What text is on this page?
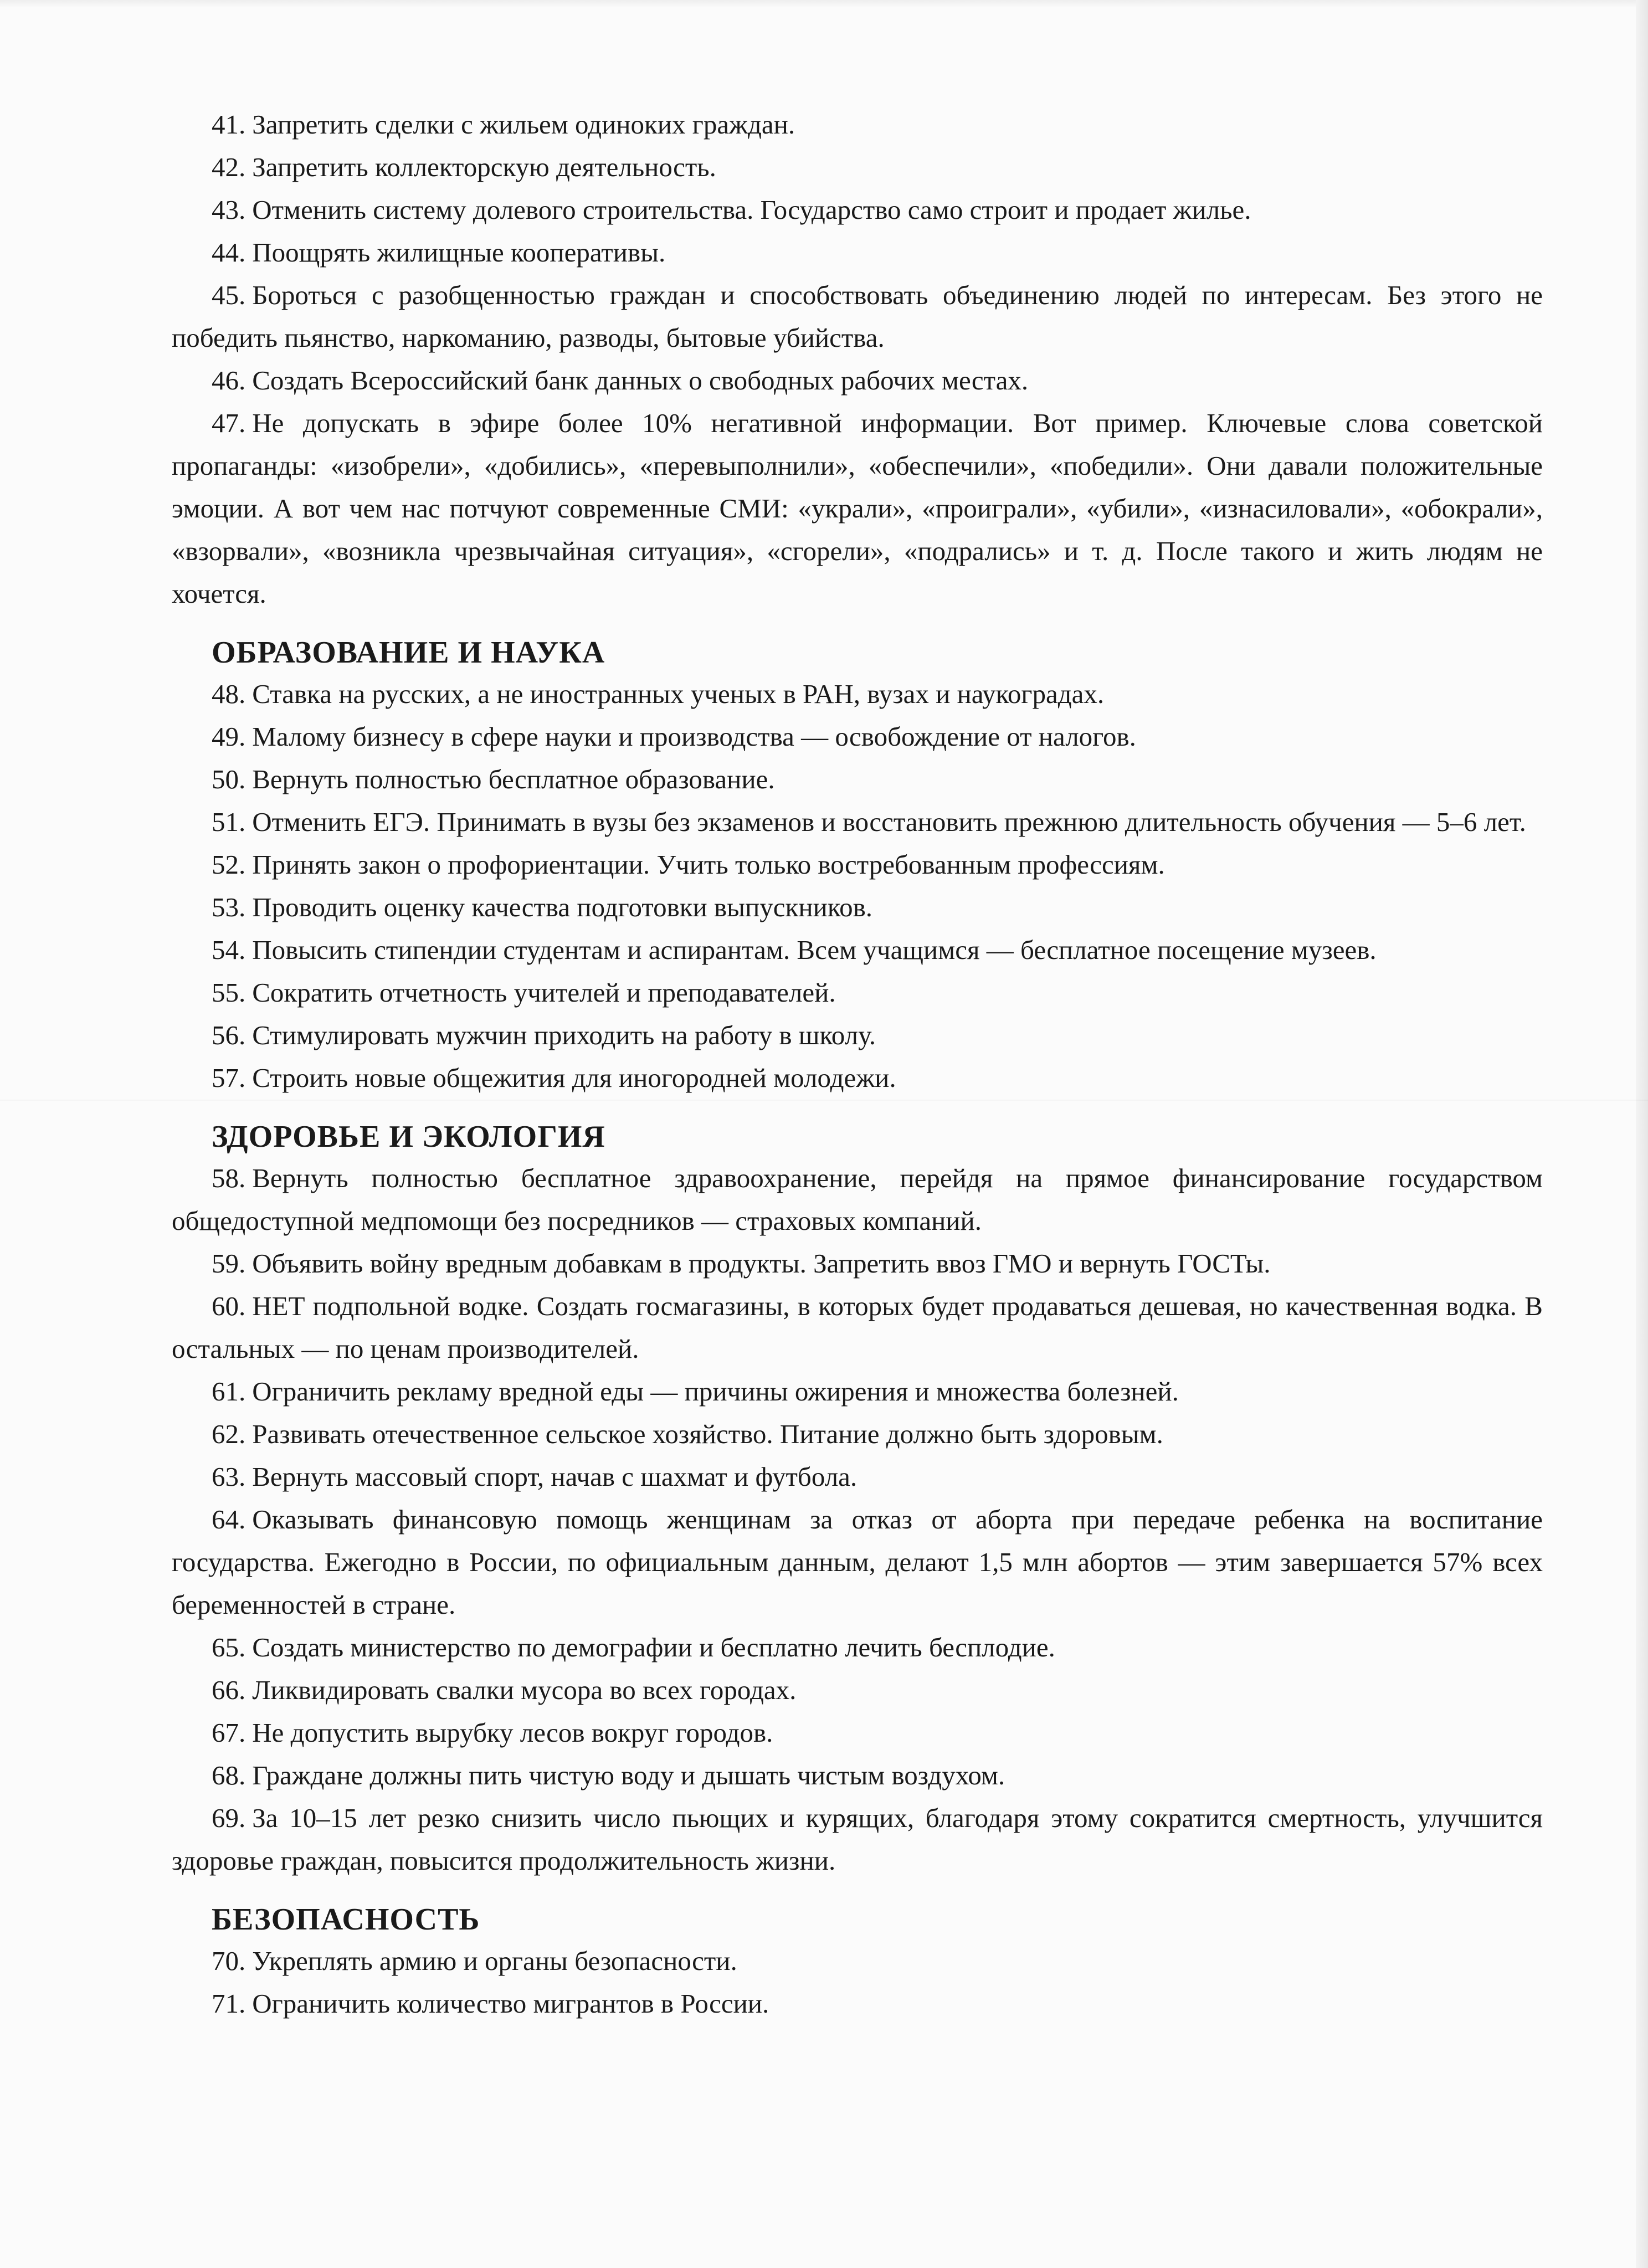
41. Запретить сделки с жильем одиноких граждан.

42. Запретить коллекторскую деятельность.

43. Отменить систему долевого строительства. Государство само строит и продает жилье.

44. Поощрять жилищные кооперативы.

45. Бороться с разобщенностью граждан и способствовать объединению людей по интересам. Без этого не победить пьянство, наркоманию, разводы, бытовые убийства.

46. Создать Всероссийский банк данных о свободных рабочих местах.

47. Не допускать в эфире более 10% негативной информации. Вот пример. Ключевые слова советской пропаганды: «изобрели», «добились», «перевыполнили», «обеспечили», «победили». Они давали положительные эмоции. А вот чем нас потчуют современные СМИ: «украли», «проиграли», «убили», «изнасиловали», «обокрали», «взорвали», «возникла чрезвычайная ситуация», «сгорели», «подрались» и т. д. После такого и жить людям не хочется.

ОБРАЗОВАНИЕ И НАУКА

48. Ставка на русских, а не иностранных ученых в РАН, вузах и наукоградах.

49. Малому бизнесу в сфере науки и производства — освобождение от налогов.

50. Вернуть полностью бесплатное образование.

51. Отменить ЕГЭ. Принимать в вузы без экзаменов и восстановить прежнюю длительность обучения — 5–6 лет.

52. Принять закон о профориентации. Учить только востребованным профессиям.

53. Проводить оценку качества подготовки выпускников.

54. Повысить стипендии студентам и аспирантам. Всем учащимся — бесплатное посещение музеев.

55. Сократить отчетность учителей и преподавателей.

56. Стимулировать мужчин приходить на работу в школу.

57. Строить новые общежития для иногородней молодежи.

ЗДОРОВЬЕ И ЭКОЛОГИЯ

58. Вернуть полностью бесплатное здравоохранение, перейдя на прямое финансирование государством общедоступной медпомощи без посредников — страховых компаний.

59. Объявить войну вредным добавкам в продукты. Запретить ввоз ГМО и вернуть ГОСТы.

60. НЕТ подпольной водке. Создать госмагазины, в которых будет продаваться дешевая, но качественная водка. В остальных — по ценам производителей.

61. Ограничить рекламу вредной еды — причины ожирения и множества болезней.

62. Развивать отечественное сельское хозяйство. Питание должно быть здоровым.

63. Вернуть массовый спорт, начав с шахмат и футбола.

64. Оказывать финансовую помощь женщинам за отказ от аборта при передаче ребенка на воспитание государства. Ежегодно в России, по официальным данным, делают 1,5 млн абортов — этим завершается 57% всех беременностей в стране.

65. Создать министерство по демографии и бесплатно лечить бесплодие.

66. Ликвидировать свалки мусора во всех городах.

67. Не допустить вырубку лесов вокруг городов.

68. Граждане должны пить чистую воду и дышать чистым воздухом.

69. За 10–15 лет резко снизить число пьющих и курящих, благодаря этому сократится смертность, улучшится здоровье граждан, повысится продолжительность жизни.

БЕЗОПАСНОСТЬ

70. Укреплять армию и органы безопасности.

71. Ограничить количество мигрантов в России.
